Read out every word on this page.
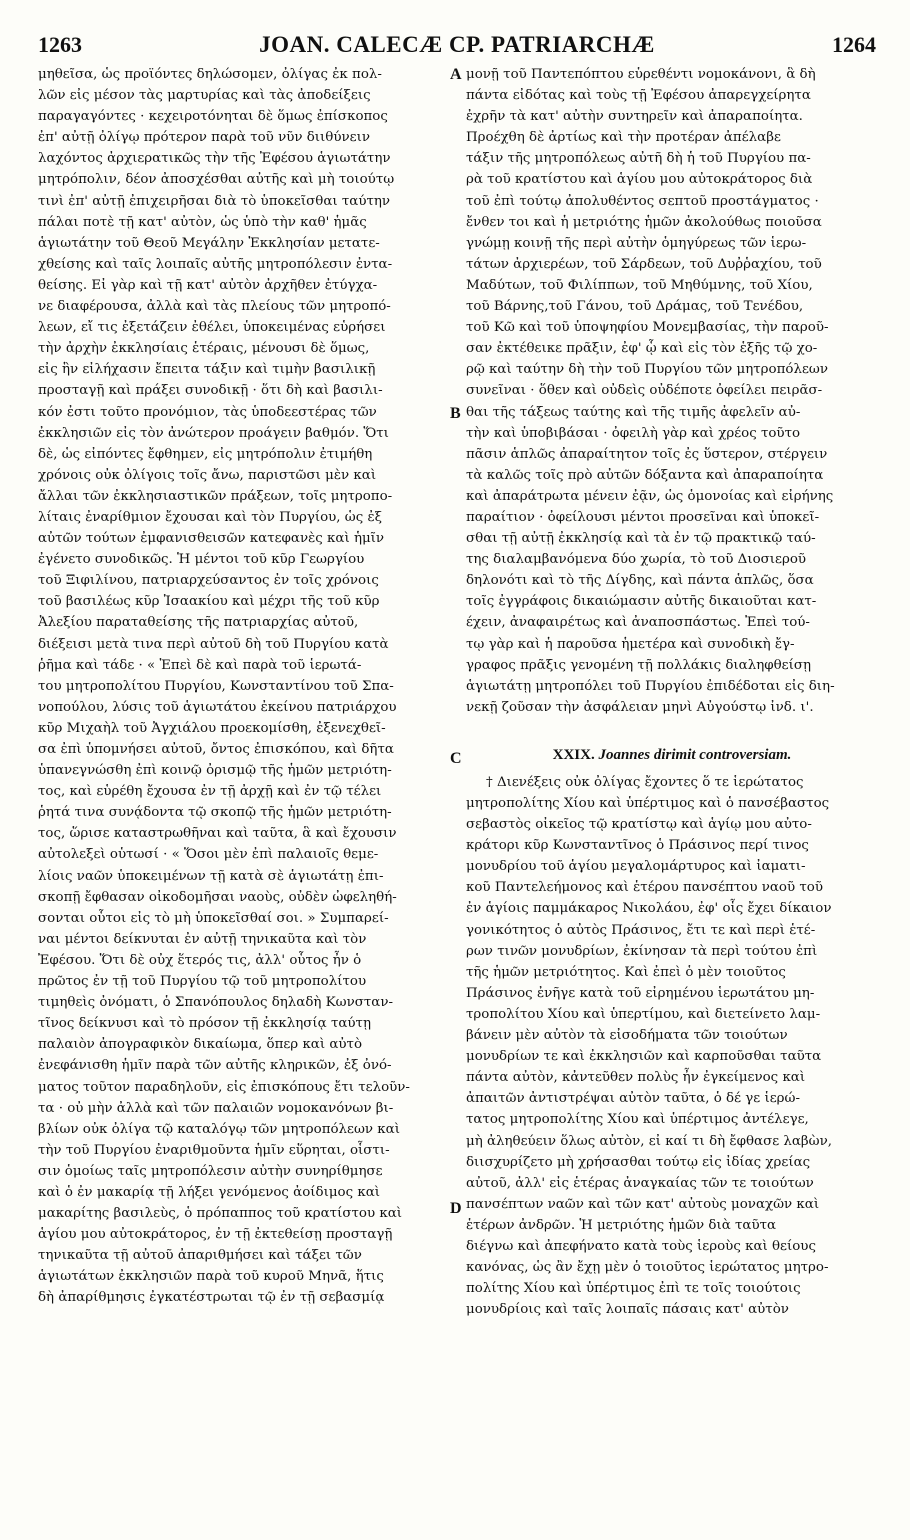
1263	JOAN. CALECÆ CP. PATRIARCHÆ	1264
A
B
C
D
μηθεῖσα, ὡς προϊόντες δηλώσομεν, ὀλίγας ἐκ πολ-
λῶν εἰς μέσον τὰς μαρτυρίας καὶ τὰς ἀποδείξεις
παραγαγόντες · κεχειροτόνηται δὲ ὅμως ἐπίσκοπος
ἐπ' αὐτῇ ὀλίγῳ πρότερον παρὰ τοῦ νῦν διιθύνειν
λαχόντος ἀρχιερατικῶς τὴν τῆς Ἐφέσου ἁγιωτάτην
μητρόπολιν, δέον ἀποσχέσθαι αὐτῆς καὶ μὴ τοιούτῳ
τινὶ ἐπ' αὐτῇ ἐπιχειρῆσαι διὰ τὸ ὑποκεῖσθαι ταύτην
πάλαι ποτὲ τῇ κατ' αὐτὸν, ὡς ὑπὸ τὴν καθ' ἡμᾶς
ἁγιωτάτην τοῦ Θεοῦ Μεγάλην Ἐκκλησίαν μετατε-
χθείσης καὶ ταῖς λοιπαῖς αὐτῆς μητροπόλεσιν ἐντα-
θείσης. Εἰ γὰρ καὶ τῇ κατ' αὐτὸν ἀρχῆθεν ἐτύγχα-
νε διαφέρουσα, ἀλλὰ καὶ τὰς πλείους τῶν μητροπό-
λεων, εἴ τις ἐξετάζειν ἐθέλει, ὑποκειμένας εὑρήσει
τὴν ἀρχὴν ἐκκλησίαις ἑτέραις, μένουσι δὲ ὅμως,
εἰς ἣν εἰλήχασιν ἔπειτα τάξιν καὶ τιμὴν βασιλικῇ
προσταγῇ καὶ πράξει συνοδικῇ · ὅτι δὴ καὶ βασιλι-
κόν ἐστι τοῦτο προνόμιον, τὰς ὑποδεεστέρας τῶν
ἐκκλησιῶν εἰς τὸν ἀνώτερον προάγειν βαθμόν. Ὅτι
δὲ, ὡς εἰπόντες ἔφθημεν, εἰς μητρόπολιν ἐτιμήθη
χρόνοις οὐκ ὀλίγοις τοῖς ἄνω, παριστῶσι μὲν καὶ
ἄλλαι τῶν ἐκκλησιαστικῶν πράξεων, τοῖς μητροπο-
λίταις ἐναρίθμιον ἔχουσαι καὶ τὸν Πυργίου, ὡς ἐξ
αὐτῶν τούτων ἐμφανισθεισῶν κατεφανὲς καὶ ἡμῖν
ἐγένετο συνοδικῶς. Ἡ μέντοι τοῦ κῦρ Γεωργίου
τοῦ Ξιφιλίνου, πατριαρχεύσαντος ἐν τοῖς χρόνοις
τοῦ βασιλέως κῦρ Ἰσαακίου καὶ μέχρι τῆς τοῦ κῦρ
Ἀλεξίου παραταθείσης τῆς πατριαρχίας αὐτοῦ,
διέξεισι μετὰ τινα περὶ αὐτοῦ δὴ τοῦ Πυργίου κατὰ
ῥῆμα καὶ τάδε · « Ἐπεὶ δὲ καὶ παρὰ τοῦ ἱερωτά-
του μητροπολίτου Πυργίου, Κωνσταντίνου τοῦ Σπα-
νοπούλου, λύσις τοῦ ἁγιωτάτου ἐκείνου πατριάρχου
κῦρ Μιχαὴλ τοῦ Ἀγχιάλου προεκομίσθη, ἐξενεχθεῖ-
σα ἐπὶ ὑπομνήσει αὐτοῦ, ὄντος ἐπισκόπου, καὶ δῆτα
ὑπανεγνώσθη ἐπὶ κοινῷ ὀρισμῷ τῆς ἡμῶν μετριότη-
τος, καὶ εὑρέθη ἔχουσα ἐν τῇ ἀρχῇ καὶ ἐν τῷ τέλει
ῥητά τινα συνᾴδοντα τῷ σκοπῷ τῆς ἡμῶν μετριότη-
τος, ὥρισε καταστρωθῆναι καὶ ταῦτα, ἃ καὶ ἔχουσιν
αὐτολεξεὶ οὑτωσί · « Ὅσοι μὲν ἐπὶ παλαιοῖς θεμε-
λίοις ναῶν ὑποκειμένων τῇ κατὰ σὲ ἁγιωτάτῃ ἐπι-
σκοπῇ ἔφθασαν οἰκοδομῆσαι ναοὺς, οὐδὲν ὠφεληθή-
σονται οὗτοι εἰς τὸ μὴ ὑποκεῖσθαί σοι. » Συμπαρεί-
ναι μέντοι δείκνυται ἐν αὐτῇ τηνικαῦτα καὶ τὸν
Ἐφέσου. Ὅτι δὲ οὐχ ἕτερός τις, ἀλλ' οὗτος ἦν ὁ
πρῶτος ἐν τῇ τοῦ Πυργίου τῷ τοῦ μητροπολίτου
τιμηθεὶς ὀνόματι, ὁ Σπανόπουλος δηλαδὴ Κωνσταν-
τῖνος δείκνυσι καὶ τὸ πρόσον τῇ ἐκκλησίᾳ ταύτῃ
παλαιὸν ἀπογραφικὸν δικαίωμα, ὅπερ καὶ αὐτὸ
ἐνεφάνισθη ἡμῖν παρὰ τῶν αὐτῆς κληρικῶν, ἐξ ὀνό-
ματος τοῦτον παραδηλοῦν, εἰς ἐπισκόπους ἔτι τελοῦν-
τα · οὐ μὴν ἀλλὰ καὶ τῶν παλαιῶν νομοκανόνων βι-
βλίων οὐκ ὀλίγα τῷ καταλόγῳ τῶν μητροπόλεων καὶ
τὴν τοῦ Πυργίου ἐναριθμοῦντα ἡμῖν εὕρηται, οἷστι-
σιν ὁμοίως ταῖς μητροπόλεσιν αὐτὴν συνηρίθμησε
καὶ ὁ ἐν μακαρίᾳ τῇ λήξει γενόμενος ἀοίδιμος καὶ
μακαρίτης βασιλεὺς, ὁ πρόπαππος τοῦ κρατίστου καὶ
ἁγίου μου αὐτοκράτορος, ἐν τῇ ἐκτεθείσῃ προσταγῇ
τηνικαῦτα τῇ αὐτοῦ ἀπαριθμήσει καὶ τάξει τῶν
ἁγιωτάτων ἐκκλησιῶν παρὰ τοῦ κυροῦ Μηνᾶ, ἥτις
δὴ ἀπαρίθμησις ἐγκατέστρωται τῷ ἐν τῇ σεβασμίᾳ
μονῇ τοῦ Παντεπόπτου εὑρεθέντι νομοκάνονι, ἃ δὴ
πάντα εἰδότας καὶ τοὺς τῇ Ἐφέσου ἀπαρεγχείρητα
ἐχρῆν τὰ κατ' αὐτὴν συντηρεῖν καὶ ἀπαραποίητα.
Προέχθη δὲ ἀρτίως καὶ τὴν προτέραν ἀπέλαβε
τάξιν τῆς μητροπόλεως αὐτῆ δὴ ἡ τοῦ Πυργίου πα-
ρὰ τοῦ κρατίστου καὶ ἁγίου μου αὐτοκράτορος διὰ
τοῦ ἐπὶ τούτῳ ἀπολυθέντος σεπτοῦ προστάγματος ·
ἔνθεν τοι καὶ ἡ μετριότης ἡμῶν ἀκολούθως ποιοῦσα
γνώμῃ κοινῇ τῆς περὶ αὐτὴν ὁμηγύρεως τῶν ἱερω-
τάτων ἀρχιερέων, τοῦ Σάρδεων, τοῦ Δυῤῥαχίου, τοῦ
Μαδύτων, τοῦ Φιλίππων, τοῦ Μηθύμνης, τοῦ Χίου,
τοῦ Βάρνης,τοῦ Γάνου, τοῦ Δράμας, τοῦ Τενέδου,
τοῦ Κῶ καὶ τοῦ ὑποψηφίου Μονεμβασίας, τὴν παροῦ-
σαν ἐκτέθεικε πρᾶξιν, ἐφ' ᾧ καὶ εἰς τὸν ἑξῆς τῷ χο-
ρῷ καὶ ταύτην δὴ τὴν τοῦ Πυργίου τῶν μητροπόλεων
συνεῖναι · ὅθεν καὶ οὐδεὶς οὐδέποτε ὀφείλει πειρᾶσ-
θαι τῆς τάξεως ταύτης καὶ τῆς τιμῆς ἀφελεῖν αὐ-
τὴν καὶ ὑποβιβάσαι · ὀφειλὴ γὰρ καὶ χρέος τοῦτο
πᾶσιν ἁπλῶς ἀπαραίτητον τοῖς ἐς ὕστερον, στέργειν
τὰ καλῶς τοῖς πρὸ αὐτῶν δόξαντα καὶ ἀπαραποίητα
καὶ ἀπαράτρωτα μένειν ἐᾷν, ὡς ὁμονοίας καὶ εἰρήνης
παραίτιον · ὀφείλουσι μέντοι προσεῖναι καὶ ὑποκεῖ-
σθαι τῇ αὐτῇ ἐκκλησίᾳ καὶ τὰ ἐν τῷ πρακτικῷ ταύ-
της διαλαμβανόμενα δύο χωρία, τὸ τοῦ Διοσιεροῦ
δηλονότι καὶ τὸ τῆς Δίγδης, καὶ πάντα ἁπλῶς, ὅσα
τοῖς ἐγγράφοις δικαιώμασιν αὐτῆς δικαιοῦται κατ-
έχειν, ἀναφαιρέτως καὶ ἀναποσπάστως. Ἐπεὶ τού-
τῳ γὰρ καὶ ἡ παροῦσα ἡμετέρα καὶ συνοδικὴ ἔγ-
γραφος πρᾶξις γενομένη τῇ πολλάκις διαληφθείσῃ
ἁγιωτάτῃ μητροπόλει τοῦ Πυργίου ἐπιδέδοται εἰς διη-
νεκῇ ζοῦσαν τὴν ἀσφάλειαν μηνὶ Αὐγούστῳ ἰνδ. ι'.
XXIX. Joannes dirimit controversiam.
† Διενέξεις οὐκ ὀλίγας ἔχοντες ὅ τε ἱερώτατος
μητροπολίτης Χίου καὶ ὑπέρτιμος καὶ ὁ πανσέβαστος
σεβαστὸς οἰκεῖος τῷ κρατίστῳ καὶ ἁγίῳ μου αὐτο-
κράτορι κῦρ Κωνσταντῖνος ὁ Πράσινος περί τινος
μονυδρίου τοῦ ἁγίου μεγαλομάρτυρος καὶ ἰαματι-
κοῦ Παντελεήμονος καὶ ἑτέρου πανσέπτου ναοῦ τοῦ
ἐν ἁγίοις παμμάκαρος Νικολάου, ἐφ' οἷς ἔχει δίκαιον
γονικότητος ὁ αὐτὸς Πράσινος, ἔτι τε καὶ περὶ ἑτέ-
ρων τινῶν μονυδρίων, ἐκίνησαν τὰ περὶ τούτου ἐπὶ
τῆς ἡμῶν μετριότητος. Καὶ ἐπεὶ ὁ μὲν τοιοῦτος
Πράσινος ἐνῆγε κατὰ τοῦ εἰρημένου ἱερωτάτου μη-
τροπολίτου Χίου καὶ ὑπερτίμου, καὶ διετείνετο λαμ-
βάνειν μὲν αὐτὸν τὰ εἰσοδήματα τῶν τοιούτων
μονυδρίων τε καὶ ἐκκλησιῶν καὶ καρποῦσθαι ταῦτα
πάντα αὐτὸν, κἀντεῦθεν πολὺς ἦν ἐγκείμενος καὶ
ἀπαιτῶν ἀντιστρέψαι αὐτὸν ταῦτα, ὁ δέ γε ἱερώ-
τατος μητροπολίτης Χίου καὶ ὑπέρτιμος ἀντέλεγε,
μὴ ἀληθεύειν ὅλως αὐτὸν, εἰ καί τι δὴ ἔφθασε λαβὼν,
διισχυρίζετο μὴ χρήσασθαι τούτῳ εἰς ἰδίας χρείας
αὐτοῦ, ἀλλ' εἰς ἑτέρας ἀναγκαίας τῶν τε τοιούτων
πανσέπτων ναῶν καὶ τῶν κατ' αὐτοὺς μοναχῶν καὶ
ἑτέρων ἀνδρῶν. Ἡ μετριότης ἡμῶν διὰ ταῦτα
διέγνω καὶ ἀπεφήνατο κατὰ τοὺς ἱεροὺς καὶ θείους
κανόνας, ὡς ἂν ἔχῃ μὲν ὁ τοιοῦτος ἱερώτατος μητρο-
πολίτης Χίου καὶ ὑπέρτιμος ἐπὶ τε τοῖς τοιούτοις
μονυδρίοις καὶ ταῖς λοιπαῖς πάσαις κατ' αὐτὸν
